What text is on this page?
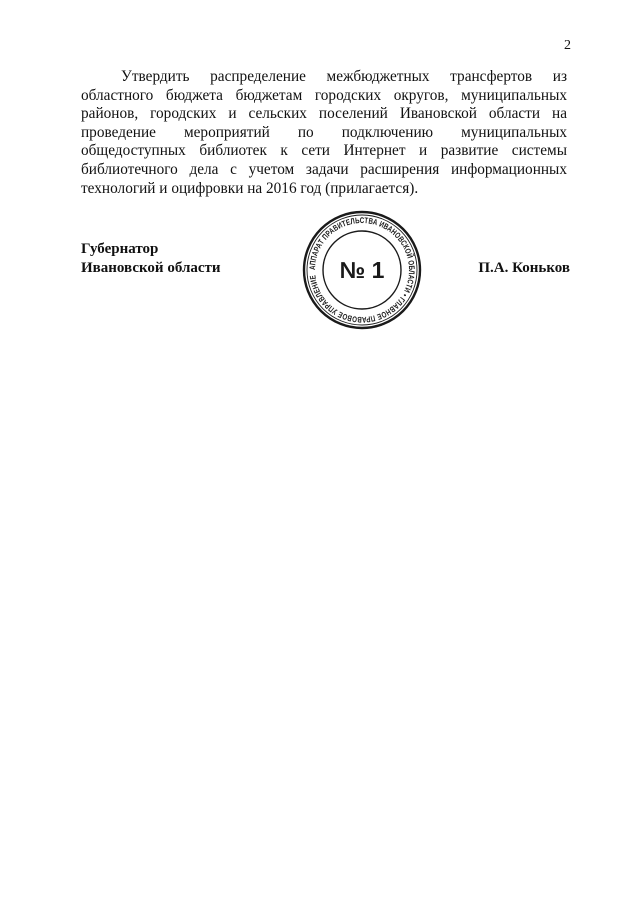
2

Утвердить распределение межбюджетных трансфертов из областного бюджета бюджетам городских округов, муниципальных районов, городских и сельских поселений Ивановской области на проведение мероприятий по подключению муниципальных общедоступных библиотек к сети Интернет и развитие системы библиотечного дела с учетом задачи расширения информационных технологий и оцифровки на 2016 год (прилагается).

Губернатор
Ивановской области	П.А. Коньков
АППАРАТ ПРАВИТЕЛЬСТВА ИВАНОВСКОЙ ОБЛАСТИ • ГЛАВНОЕ ПРАВОВОЕ УПРАВЛЕНИЕ № 1
